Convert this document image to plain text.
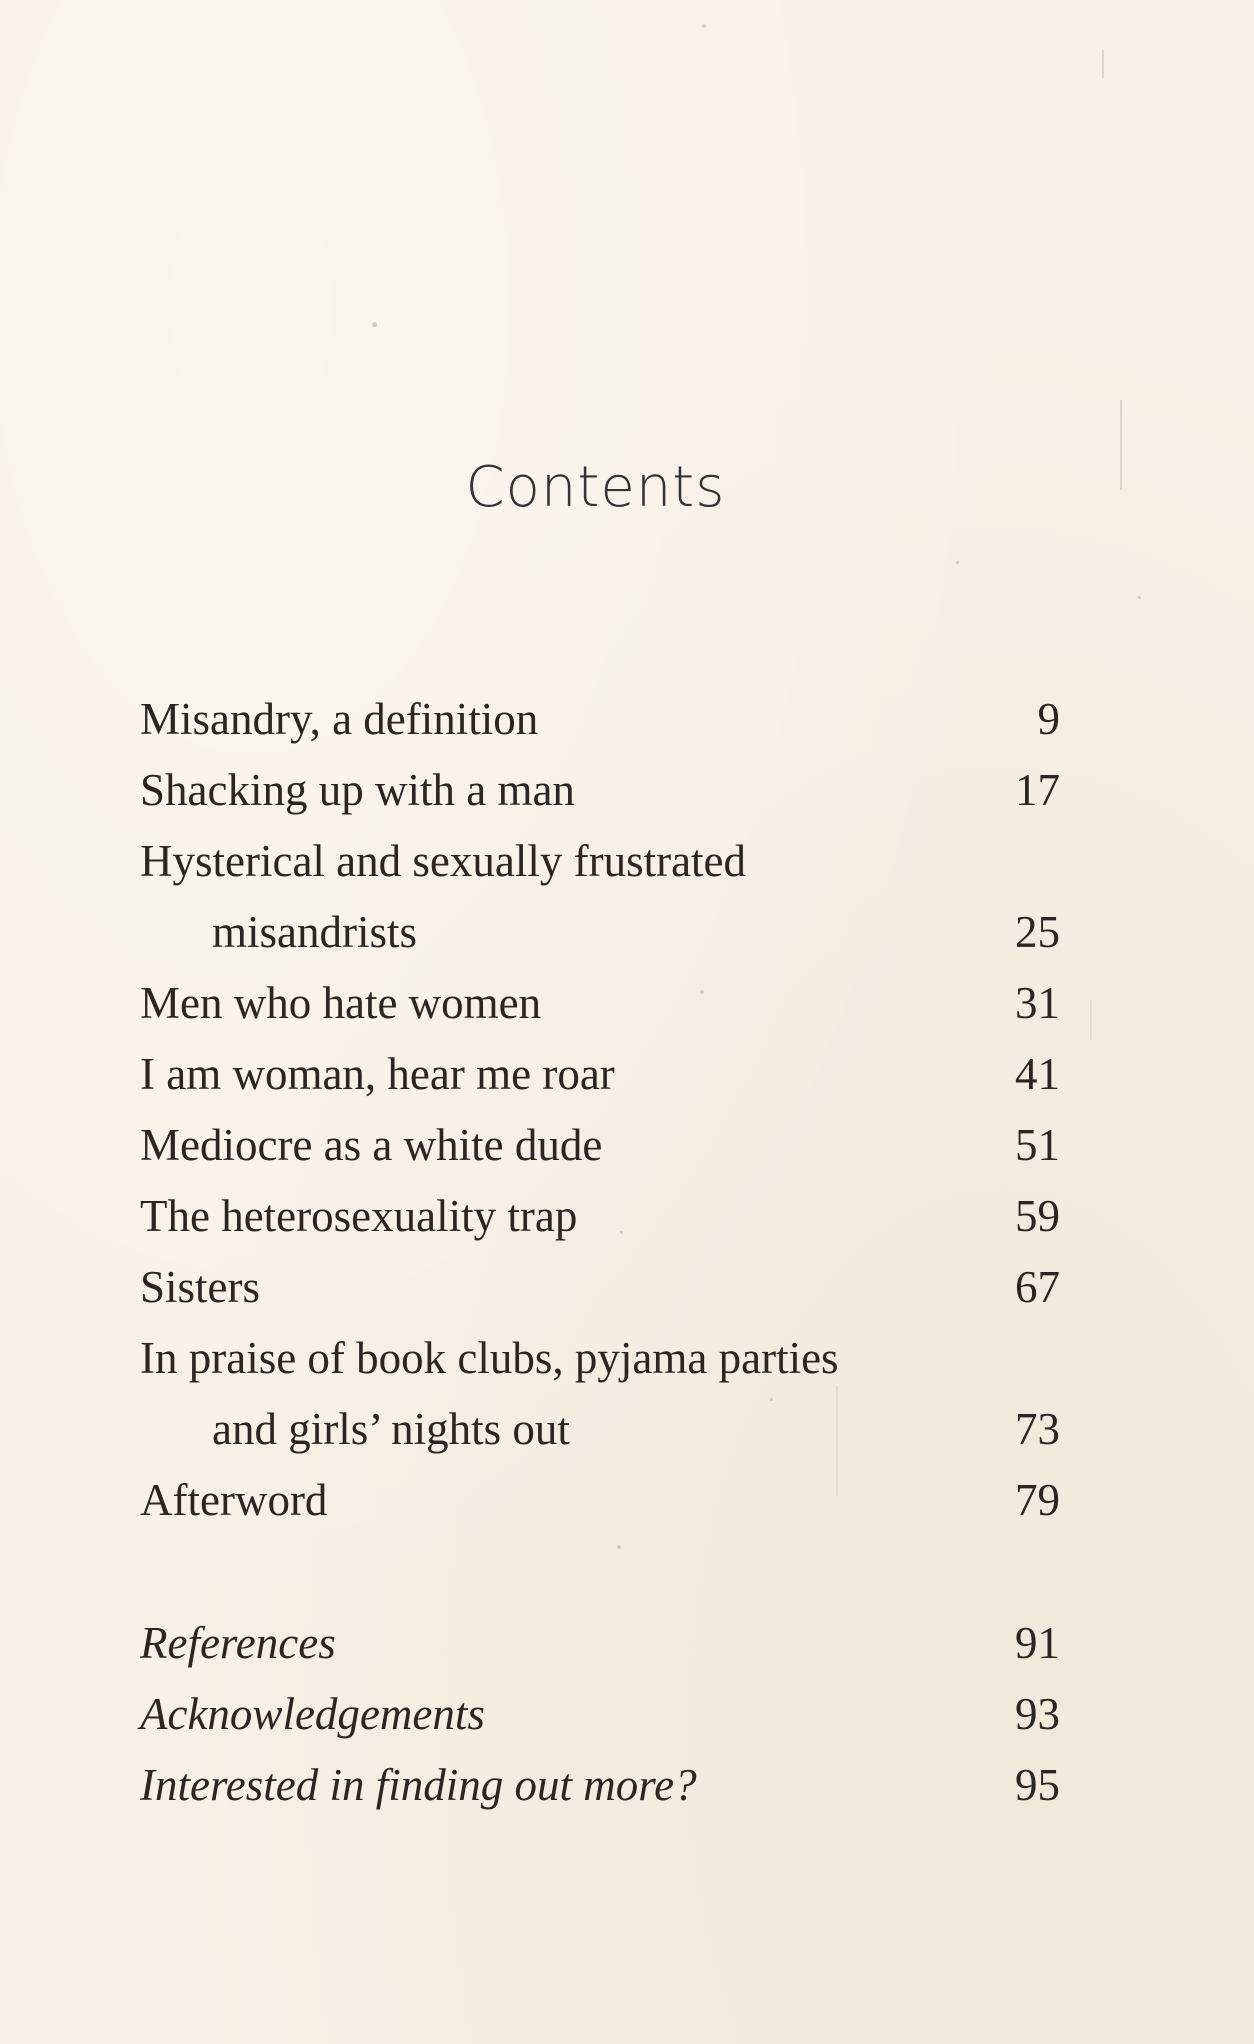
Contents
Misandry, a definition	9
Shacking up with a man	17
Hysterical and sexually frustrated
misandrists	25
Men who hate women	31
I am woman, hear me roar	41
Mediocre as a white dude	51
The heterosexuality trap	59
Sisters	67
In praise of book clubs, pyjama parties
and girls’ nights out	73
Afterword	79
References	91
Acknowledgements	93
Interested in finding out more?	95
